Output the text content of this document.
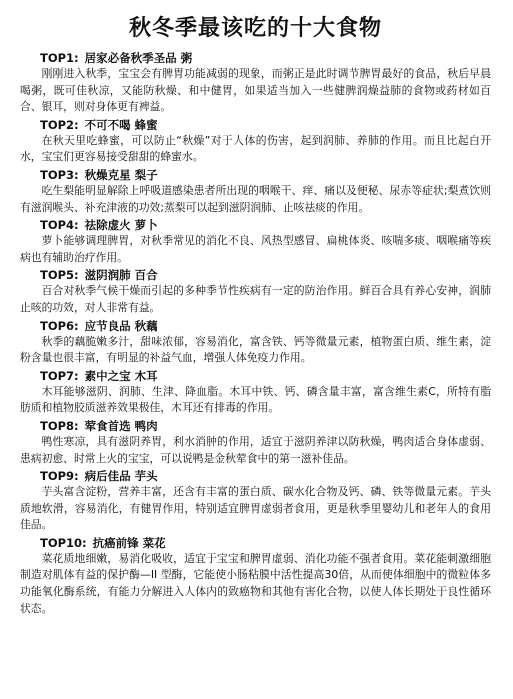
秋冬季最该吃的十大食物
TOP1: 居家必备秋季圣品 粥

刚刚进入秋季，宝宝会有脾胃功能减弱的现象，而粥正是此时调节脾胃最好的食品，秋后早晨喝粥，既可佳秋凉，又能防秋燥、和中健胃，如果适当加入一些健脾润燥益肺的食物或药材如百合、银耳，则对身体更有裨益。

TOP2: 不可不喝 蜂蜜

在秋天里吃蜂蜜，可以防止“秋燥”对于人体的伤害，起到润肺、养肺的作用。而且比起白开水，宝宝们更容易接受甜甜的蜂蜜水。

TOP3: 秋燥克星 梨子

吃生梨能明显解除上呼吸道感染患者所出现的咽喉干、痒、痛以及便秘、尿赤等症状;梨煮饮则有滋润喉头、补充津液的功效;蒸梨可以起到滋阴润肺、止咳祛痰的作用。

TOP4: 祛除虚火 萝卜

萝卜能够调理脾胃，对秋季常见的消化不良、风热型感冒、扁桃体炎、咳喘多痰、咽喉痛等疾病也有辅助治疗作用。

TOP5: 滋阴润肺 百合

百合对秋季气候干燥而引起的多种季节性疾病有一定的防治作用。鲜百合具有养心安神，润肺止咳的功效，对人非常有益。

TOP6: 应节良品 秋藕

秋季的藕脆嫩多汁，甜味浓郁，容易消化，富含铁、钙等微量元素，植物蛋白质、维生素，淀粉含量也很丰富，有明显的补益气血，增强人体免疫力作用。

TOP7: 素中之宝 木耳

木耳能够滋阴、润肺、生津、降血脂。木耳中铁、钙、磷含量丰富，富含维生素C，所特有脂肪质和植物胶质滋养效果极佳，木耳还有排毒的作用。

TOP8: 荤食首选 鸭肉

鸭性寒凉，具有滋阴养胃，利水消肿的作用，适宜于滋阴养津以防秋燥，鸭肉适合身体虚弱、患病初愈、时常上火的宝宝，可以说鸭是金秋荤食中的第一滋补佳品。

TOP9: 病后佳品 芋头

芋头富含淀粉，营养丰富，还含有丰富的蛋白质、碳水化合物及钙、磷、铁等微量元素。芋头质地软滑，容易消化，有健胃作用，特别适宜脾胃虚弱者食用，更是秋季里婴幼儿和老年人的食用佳品。

TOP10: 抗癌前锋 菜花

菜花质地细嫩，易消化吸收，适宜于宝宝和脾胃虚弱、消化功能不强者食用。菜花能刺激细胞制造对肌体有益的保护酶—II 型酶，它能使小肠粘膜中活性提高30倍，从而使体细胞中的微粒体多功能氧化酶系统，有能力分解进入人体内的致癌物和其他有害化合物，以使人体长期处于良性循环状态。
